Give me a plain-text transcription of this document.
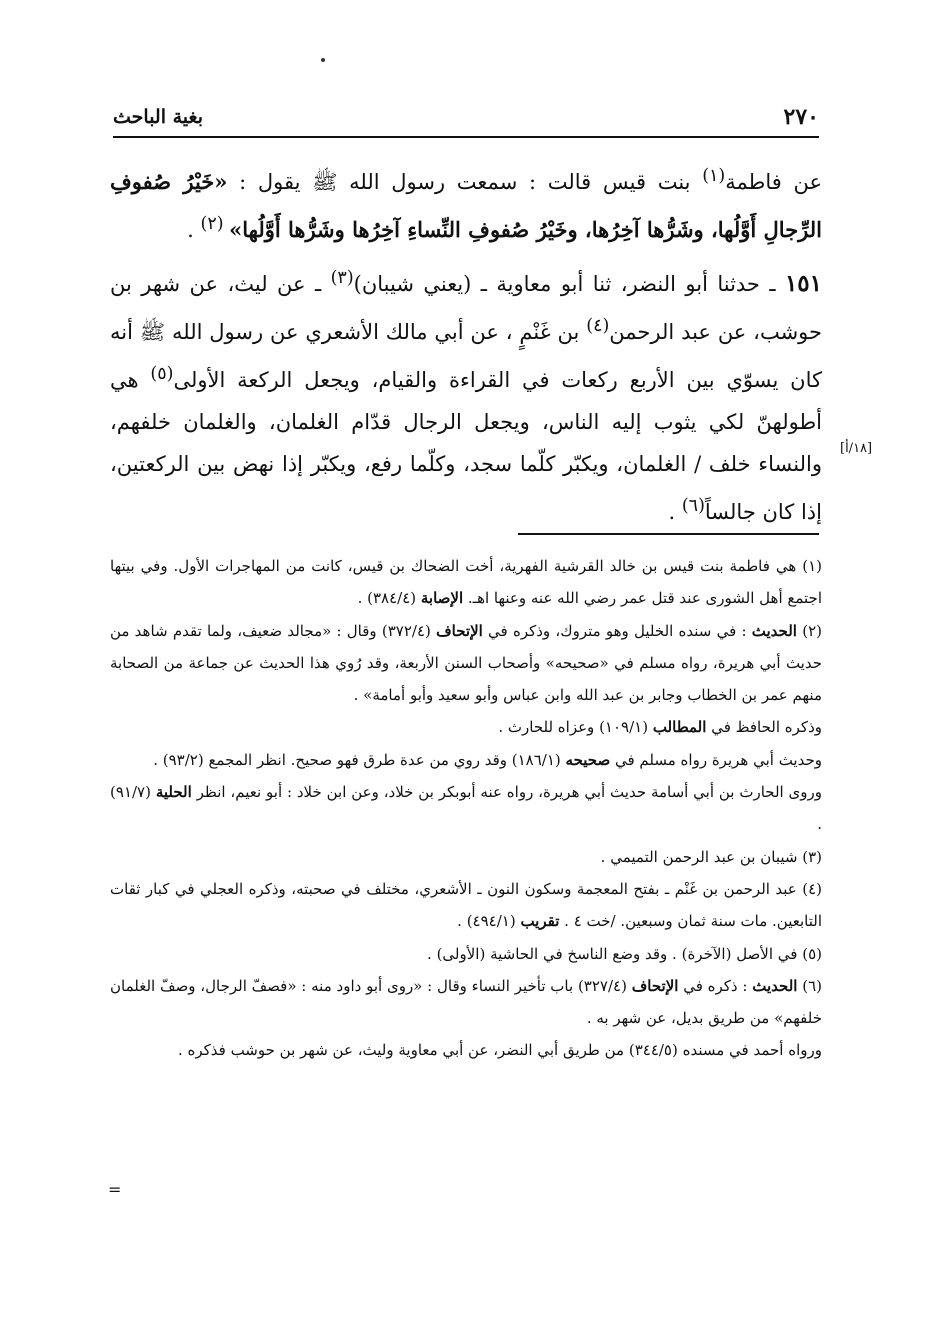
٢٧٠
بغية الباحث

عن فاطمة$^{(١)}$ بنت قيس قالت : سمعت رسول الله ﷺ يقول : «خَيْرُ صُفوفِ الرِّجالِ أَوَّلُها، وشَرُّها آخِرُها، وخَيْرُ صُفوفِ النِّساءِ آخِرُها وشَرُّها أَوَّلُها» $^{(٢)}$ .

١٥١ ـ حدثنا أبو النضر، ثنا أبو معاوية ـ (يعني شيبان)$^{(٣)}$ ـ عن ليث، عن شهر بن حوشب، عن عبد الرحمن$^{(٤)}$ بن غَنْمٍ ، عن أبي مالك الأشعري عن رسول الله ﷺ أنه كان يسوّي بين الأربع ركعات في القراءة والقيام، ويجعل الركعة الأولى$^{(٥)}$ هي أطولهنّ لكي يثوب إليه الناس، ويجعل الرجال قدّام الغلمان، والغلمان خلفهم، والنساء خلف / الغلمان، ويكبّر كلّما سجد، وكلّما رفع، ويكبّر إذا نهض بين الركعتين، إذا كان جالساً$^{(٦)}$ .

[١٨/أ]

(١) هي فاطمة بنت قيس بن خالد القرشية الفهرية، أخت الضحاك بن قيس، كانت من المهاجرات الأول. وفي بيتها اجتمع أهل الشورى عند قتل عمر رضي الله عنه وعنها اهـ. الإصابة (٣٨٤/٤) .

(٢) الحديث : في سنده الخليل وهو متروك، وذكره في الإتحاف (٣٧٢/٤) وقال : «مجالد ضعيف، ولما تقدم شاهد من حديث أبي هريرة، رواه مسلم في «صحيحه» وأصحاب السنن الأربعة، وقد رُوي هذا الحديث عن جماعة من الصحابة منهم عمر بن الخطاب وجابر بن عبد الله وابن عباس وأبو سعيد وأبو أمامة» .

وذكره الحافظ في المطالب (١٠٩/١) وعزاه للحارث .

وحديث أبي هريرة رواه مسلم في صحيحه (١٨٦/١) وقد روي من عدة طرق فهو صحيح. انظر المجمع (٩٣/٢) .

وروى الحارث بن أبي أسامة حديث أبي هريرة، رواه عنه أبوبكر بن خلاد، وعن ابن خلاد : أبو نعيم، انظر الحلية (٩١/٧) .

(٣) شيبان بن عبد الرحمن التميمي .

(٤) عبد الرحمن بن غَنْم ـ بفتح المعجمة وسكون النون ـ الأشعري، مختلف في صحبته، وذكره العجلي في كبار ثقات التابعين. مات سنة ثمان وسبعين. /خت ٤ . تقريب (٤٩٤/١) .

(٥) في الأصل (الآخرة) . وقد وضع الناسخ في الحاشية (الأولى) .

(٦) الحديث : ذكره في الإتحاف (٣٢٧/٤) باب تأخير النساء وقال : «روى أبو داود منه : «فصفّ الرجال، وصفّ الغلمان خلفهم» من طريق بديل، عن شهر به .

ورواه أحمد في مسنده (٣٤٤/٥) من طريق أبي النضر، عن أبي معاوية وليث، عن شهر بن حوشب فذكره .

=
